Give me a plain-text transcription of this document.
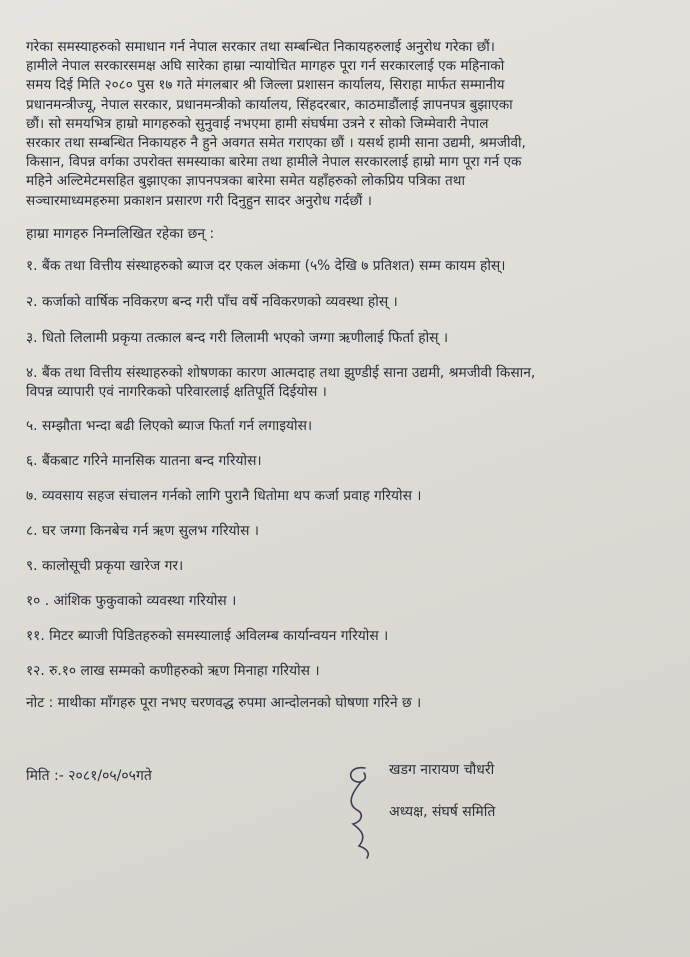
गरेका समस्याहरुको समाधान गर्न नेपाल सरकार तथा सम्बन्धित निकायहरुलाई अनुरोध गरेका छौं।
हामीले नेपाल सरकारसमक्ष अघि सारेका हाम्रा न्यायोचित मागहरु पूरा गर्न सरकारलाई एक महिनाको
समय दिई मिति २०८० पुस १७ गते मंगलबार श्री जिल्ला प्रशासन कार्यालय, सिराहा मार्फत सम्मानीय
प्रधानमन्त्रीज्यू, नेपाल सरकार, प्रधानमन्त्रीको कार्यालय, सिंहदरबार, काठमाडौंलाई ज्ञापनपत्र बुझाएका
छौं। सो समयभित्र हाम्रो मागहरुको सुनुवाई नभएमा हामी संघर्षमा उत्रने र सोको जिम्मेवारी नेपाल
सरकार तथा सम्बन्धित निकायहरु नै हुने अवगत समेत गराएका छौं । यसर्थ हामी साना उद्यमी, श्रमजीवी,
किसान, विपन्न वर्गका उपरोक्त समस्याका बारेमा तथा हामीले नेपाल सरकारलाई हाम्रो माग पूरा गर्न एक
महिने अल्टिमेटमसहित बुझाएका ज्ञापनपत्रका बारेमा समेत यहाँहरुको लोकप्रिय पत्रिका तथा
सञ्चारमाध्यमहरुमा प्रकाशन प्रसारण गरी दिनुहुन सादर अनुरोध गर्दछौं ।

हाम्रा मागहरु निम्नलिखित रहेका छन् :
१. बैंक तथा वित्तीय संस्थाहरुको ब्याज दर एकल अंकमा (५% देखि ७ प्रतिशत) सम्म कायम होस्।
२. कर्जाको वार्षिक नविकरण बन्द गरी पाँच वर्षे नविकरणको व्यवस्था होस् ।
३. धितो लिलामी प्रकृया तत्काल बन्द गरी लिलामी भएको जग्गा ऋणीलाई फिर्ता होस् ।
४. बैंक तथा वित्तीय संस्थाहरुको शोषणका कारण आत्मदाह तथा झुण्डीई साना उद्यमी, श्रमजीवी किसान,
विपन्न व्यापारी एवं नागरिकको परिवारलाई क्षतिपूर्ति दिईयोस ।
५. सम्झौता भन्दा बढी लिएको ब्याज फिर्ता गर्न लगाइयोस।
६. बैंकबाट गरिने मानसिक यातना बन्द गरियोस।
७. व्यवसाय सहज संचालन गर्नको लागि पुरानै धितोमा थप कर्जा प्रवाह गरियोस ।
८. घर जग्गा किनबेच गर्न ऋण सुलभ गरियोस ।
९. कालोसूची प्रकृया खारेज गर।
१० . आंशिक फुकुवाको व्यवस्था गरियोस ।
११. मिटर ब्याजी पिडितहरुको समस्यालाई अविलम्ब कार्यान्वयन गरियोस ।
१२. रु.१० लाख सम्मको कणीहरुको ऋण मिनाहा गरियोस ।
नोट : माथीका माँगहरु पूरा नभए चरणवद्ध रुपमा आन्दोलनको घोषणा गरिने छ ।
मिति :- २०८१/०५/०५गते	खडग नारायण चौधरी
अध्यक्ष, संघर्ष समिति
